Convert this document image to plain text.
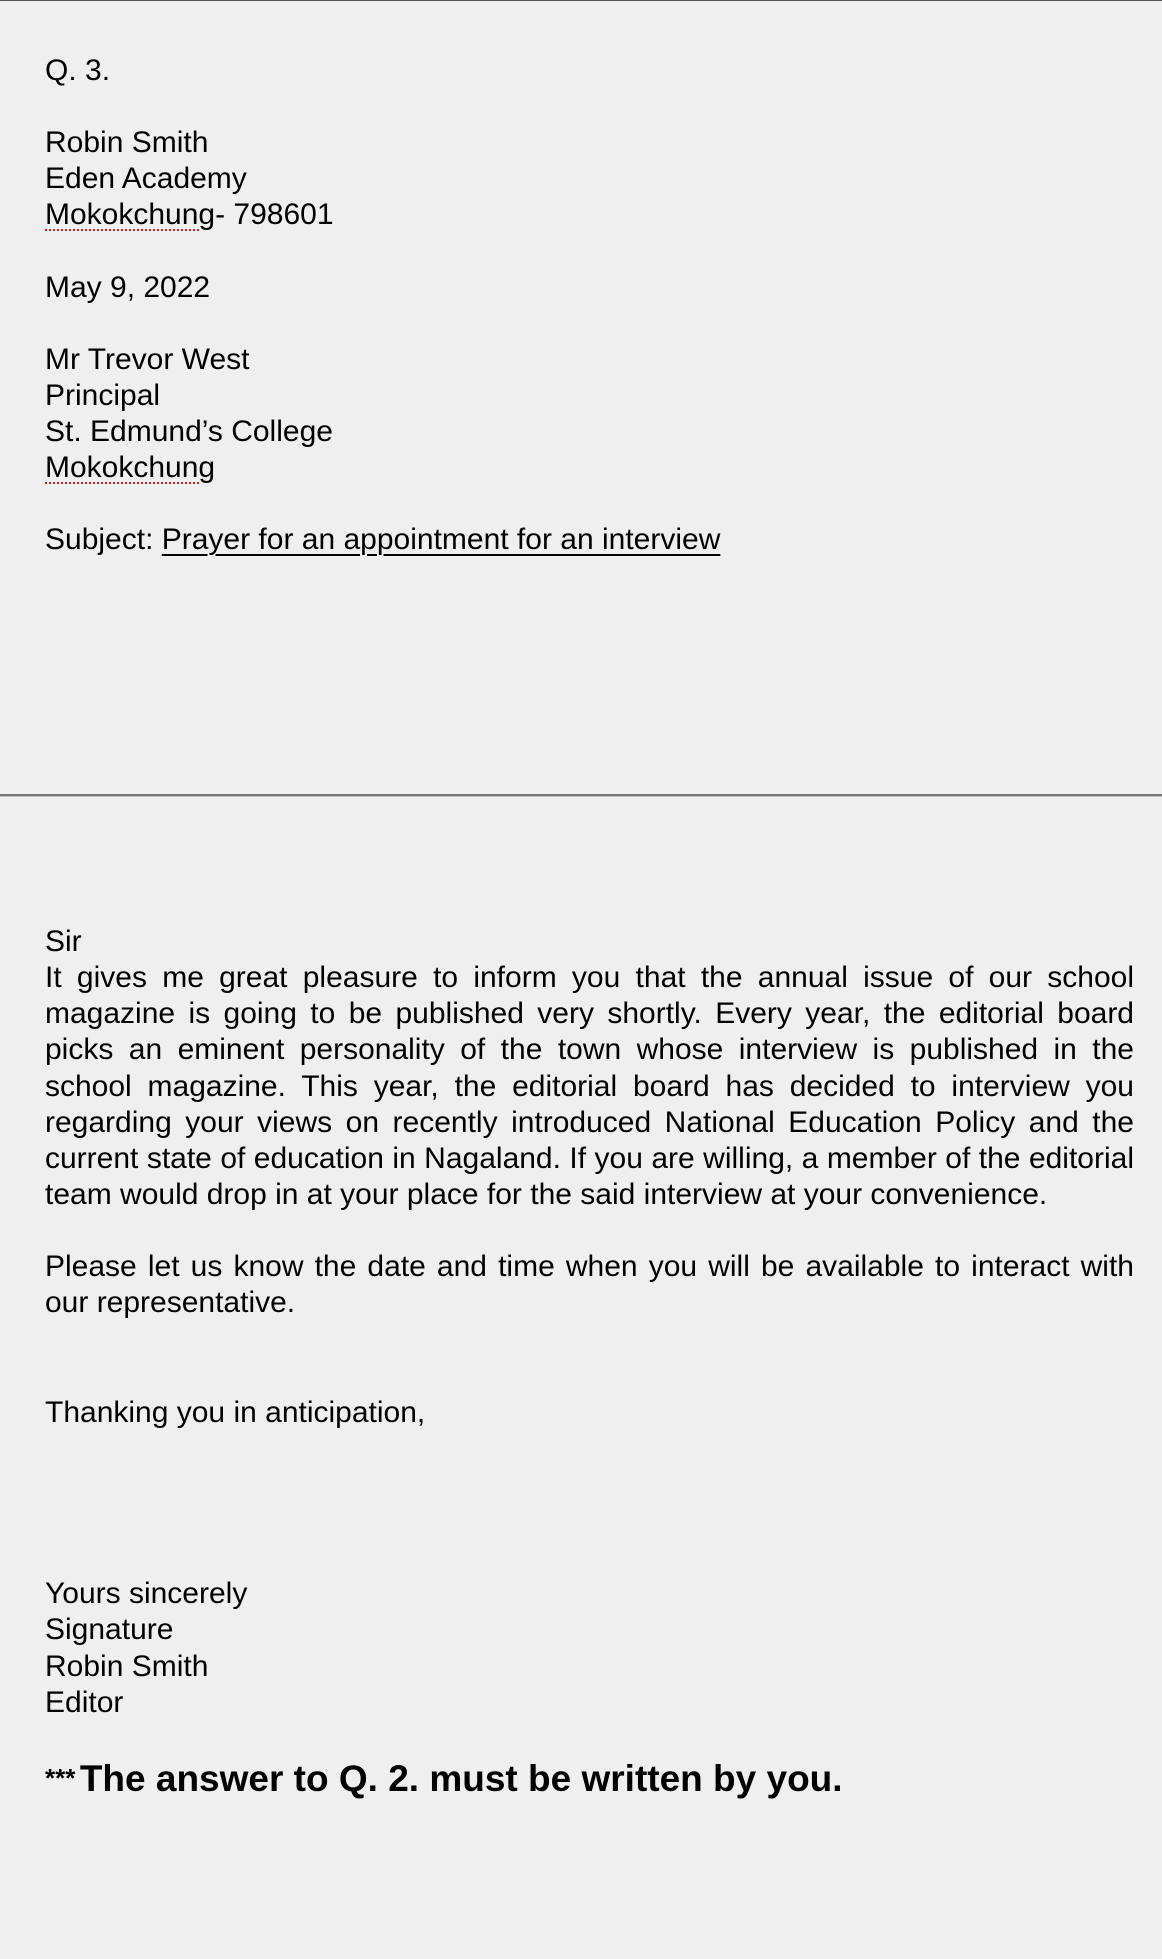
Q. 3.
Robin Smith
Eden Academy
Mokokchung- 798601
May 9, 2022
Mr Trevor West
Principal
St. Edmund’s College
Mokokchung
Subject: Prayer for an appointment for an interview
Sir
It gives me great pleasure to inform you that the annual issue of our school magazine is going to be published very shortly. Every year, the editorial board picks an eminent personality of the town whose interview is published in the school magazine. This year, the editorial board has decided to interview you regarding your views on recently introduced National Education Policy and the current state of education in Nagaland. If you are willing, a member of the editorial team would drop in at your place for the said interview at your convenience.
Please let us know the date and time when you will be available to interact with our representative.
Thanking you in anticipation,
Yours sincerely
Signature
Robin Smith
Editor
*** The answer to Q. 2. must be written by you.
